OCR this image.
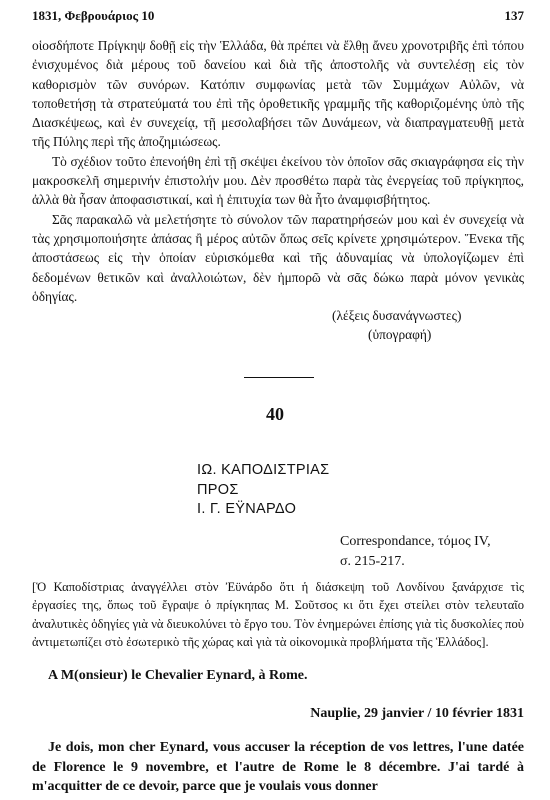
1831, Φεβρουάριος 10	137

οἱοσδήποτε Πρίγκηψ δοθῇ εἰς τὴν Ἑλλάδα, θὰ πρέπει νὰ ἔλθῃ ἄνευ χρονοτριβῆς ἐπὶ τόπου ἐνισχυμένος διὰ μέρους τοῦ δανείου καὶ διὰ τῆς ἀποστολῆς νὰ συντελέσῃ εἰς τὸν καθορισμὸν τῶν συνόρων. Κατόπιν συμφωνίας μετὰ τῶν Συμμάχων Αὐλῶν, νὰ τοποθετήσῃ τὰ στρατεύματά του ἐπὶ τῆς ὁροθετικῆς γραμμῆς τῆς καθοριζομένης ὑπὸ τῆς Διασκέψεως, καὶ ἐν συνεχείᾳ, τῇ μεσολαβήσει τῶν Δυνάμεων, νὰ διαπραγματευθῇ μετὰ τῆς Πύλης περὶ τῆς ἀποζημιώσεως.

Τὸ σχέδιον τοῦτο ἐπενοήθη ἐπὶ τῇ σκέψει ἐκείνου τὸν ὁποῖον σᾶς σκιαγράφησα εἰς τὴν μακροσκελῆ σημερινήν ἐπιστολήν μου. Δὲν προσθέτω παρὰ τὰς ἐνεργείας τοῦ πρίγκηπος, ἀλλὰ θὰ ἦσαν ἀποφασιστικαί, καὶ ἡ ἐπιτυχία των θὰ ἦτο ἀναμφισβήτητος.

Σᾶς παρακαλῶ νὰ μελετήσητε τὸ σύνολον τῶν παρατηρήσεών μου καὶ ἐν συνεχείᾳ νὰ τὰς χρησιμοποιήσητε ἁπάσας ἢ μέρος αὐτῶν ὅπως σεῖς κρίνετε χρησιμώτερον. Ἕνεκα τῆς ἀποστάσεως εἰς τὴν ὁποίαν εὑρισκόμεθα καὶ τῆς ἀδυναμίας νὰ ὑπολογίζωμεν ἐπὶ δεδομένων θετικῶν καὶ ἀναλλοιώτων, δὲν ἠμπορῶ νὰ σᾶς δώκω παρὰ μόνον γενικὰς ὁδηγίας.

(λέξεις δυσανάγνωστες)
(ὑπογραφή)
40
ΙΩ. ΚΑΠΟΔΙΣΤΡΙΑΣ
ΠΡΟΣ
Ι. Γ. ΕΫΝΑΡΔΟ
Correspondance, τόμος IV,
σ. 215-217.
[Ὁ Καποδίστριας ἀναγγέλλει στὸν Ἐϋνάρδο ὅτι ἡ διάσκεψη τοῦ Λονδίνου ξανάρχισε τὶς ἐργασίες της, ὅπως τοῦ ἔγραψε ὁ πρίγκηπας Μ. Σοῦτσος κι ὅτι ἔχει στείλει στὸν τελευταῖο ἀναλυτικὲς ὁδηγίες γιὰ νὰ διευκολύνει τὸ ἔργο του. Τὸν ἐνημερώνει ἐπίσης γιὰ τὶς δυσκολίες ποὺ ἀντιμετωπίζει στὸ ἐσωτερικὸ τῆς χώρας καὶ γιὰ τὰ οἰκονομικὰ προβλήματα τῆς Ἑλλάδος].
A M(onsieur) le Chevalier Eynard, à Rome.
Nauplie, 29 janvier / 10 février 1831
Je dois, mon cher Eynard, vous accuser la réception de vos lettres, l'une datée de Florence le 9 novembre, et l'autre de Rome le 8 décembre. J'ai tardé à m'acquitter de ce devoir, parce que je voulais vous donner
